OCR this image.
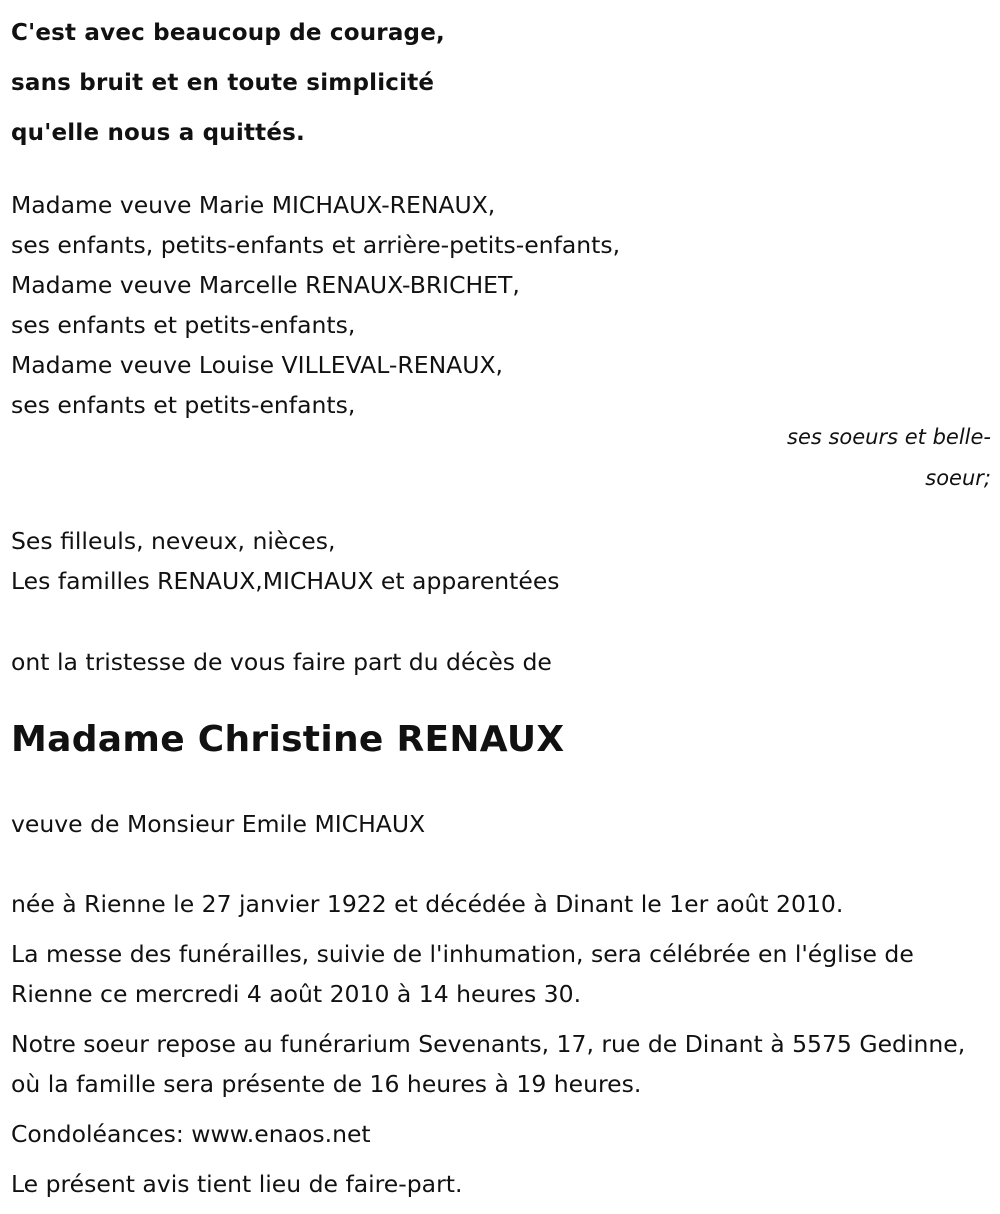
C'est avec beaucoup de courage,
sans bruit et en toute simplicité
qu'elle nous a quittés.
Madame veuve Marie MICHAUX-RENAUX,
ses enfants, petits-enfants et arrière-petits-enfants,
Madame veuve Marcelle RENAUX-BRICHET,
ses enfants et petits-enfants,
Madame veuve Louise VILLEVAL-RENAUX,
ses enfants et petits-enfants,
ses soeurs et belle-
soeur;
Ses filleuls, neveux, nièces,
Les familles RENAUX,MICHAUX et apparentées
ont la tristesse de vous faire part du décès de
Madame Christine RENAUX
veuve de Monsieur Emile MICHAUX

née à Rienne le 27 janvier 1922 et décédée à Dinant le 1er août 2010.

La messe des funérailles, suivie de l'inhumation, sera célébrée en l'église de Rienne ce mercredi 4 août 2010 à 14 heures 30.

Notre soeur repose au funérarium Sevenants, 17, rue de Dinant à 5575 Gedinne, où la famille sera présente de 16 heures à 19 heures.

Condoléances: www.enaos.net

Le présent avis tient lieu de faire-part.
